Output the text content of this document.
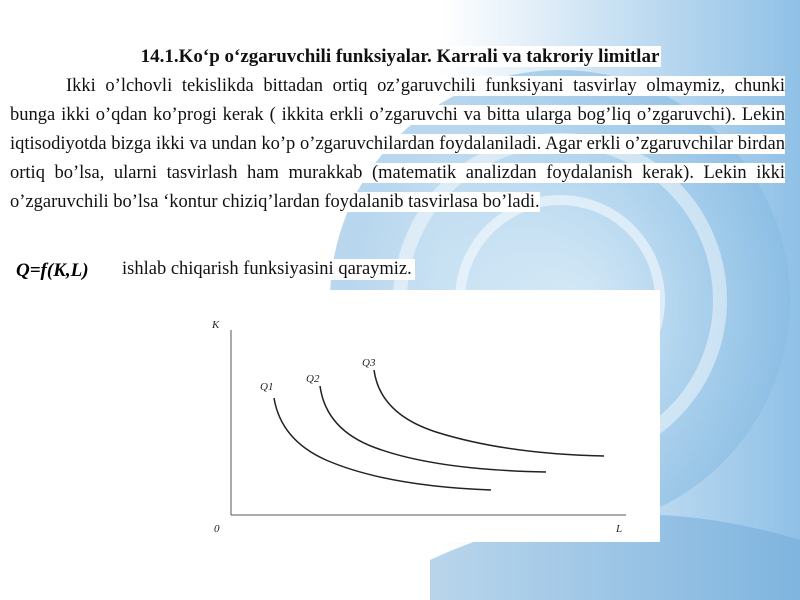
14.1.Ko‘p o‘zgaruvchili funksiyalar. Karrali va takroriy limitlar
Ikki o’lchovli tekislikda bittadan ortiq oz’garuvchili funksiyani tasvirlay olmaymiz, chunki bunga ikki o’qdan ko’progi kerak ( ikkita erkli o’zgaruvchi va bitta ularga bog’liq o’zgaruvchi). Lekin iqtisodiyotda bizga ikki va undan ko’p o’zgaruvchilardan foydalaniladi. Agar erkli o’zgaruvchilar birdan ortiq bo’lsa, ularni tasvirlash ham murakkab (matematik analizdan foydalanish kerak). Lekin ikki o’zgaruvchili bo’lsa ‘kontur chiziq’lardan foydalanib tasvirlasa bo’ladi.
Q=f(K,L) ishlab chiqarish funksiyasini qaraymiz.
K
L
0
Q1
Q2
Q3
